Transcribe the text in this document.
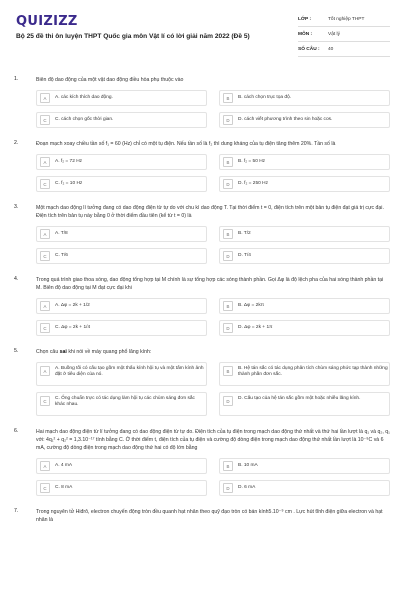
QUIZIZZ
Bộ 25 đề thi ôn luyện THPT Quốc gia môn Vật lí có lời giải năm 2022 (Đề 5)
LỚP :	Tốt nghiệp THPT
MÔN :	Vật lý
SỐ CÂU :	40
1.	Biên độ dao động của một vật dao động điều hòa phụ thuộc vào
A	A. các kích thích dao động.	B	B. cách chọn trục tọa độ.
C	C. cách chọn gốc thời gian.	D	D. cách viết phương trình theo sin hoặc cos.
2.	Đoạn mạch xoay chiều tần số f₁ = 60 (Hz) chỉ có một tụ điện. Nếu tần số là f₂ thì dung kháng của tụ điện tăng thêm 20%. Tần số là
A	A. f₂ = 72 Hz	B	B. f₂ = 50 Hz
C	C. f₂ = 10 Hz	D	D. f₂ = 250 Hz
3.	Một mạch dao động lí tưởng đang có dao động điện từ tự do với chu kì dao động T. Tại thời điểm t = 0, điện tích trên một bản tụ điện đạt giá trị cực đại. Điện tích trên bản tụ này bằng 0 ở thời điểm đầu tiên (kể từ t = 0) là
A	A. T/8	B	B. T/2
C	C. T/6	D	D. T/4
4.	Trong quá trình giao thoa sóng, dao động tổng hợp tại M chính là sự tổng hợp các sóng thành phần. Gọi Δφ là độ lệch pha của hai sóng thành phần tại M. Biên độ dao động tại M đạt cực đại khi
A	A. Δφ = 2k + 1/2	B	B. Δφ = 2kπ
C	C. Δφ = 2k + 1/4	D	D. Δφ = 2k + 1π
5.	Chọn câu sai khi nói về máy quang phổ lăng kính:
A	A. Buồng tối có cấu tạo gồm một thấu kính hội tụ và một tấm kính ảnh đặt ở tiêu diện của nó.
B	B. Hệ tán sắc có tác dụng phân tích chùm sáng phức tạp thành những thành phần đơn sắc.
C	C. Ống chuẩn trực có tác dụng làm hội tụ các chùm sáng đơn sắc khác nhau.
D	D. Cấu tạo của hệ tán sắc gồm một hoặc nhiều lăng kính.
6.	Hai mạch dao động điện từ lí tưởng đang có dao động điện từ tự do. Điện tích của tụ điện trong mạch dao động thứ nhất và thứ hai lần lượt là q₁ và q₂, q₁ với: 4q₁² + q₂² = 1,3.10⁻¹⁷ tính bằng C. Ở thời điểm t, điện tích của tụ điện và cường độ dòng điện trong mạch dao động thứ nhất lần lượt là 10⁻⁹C và 6 mA, cường độ dòng điện trong mạch dao động thứ hai có độ lớn bằng
A	A. 4 mA	B	B. 10 mA
C	C. 8 mA	D	D. 6 mA
7.	Trong nguyên tử Hiđrô, electron chuyển động tròn đều quanh hạt nhân theo quỹ đạo tròn có bán kính5.10⁻⁹ cm . Lực hút tĩnh điện giữa electron và hạt nhân là
